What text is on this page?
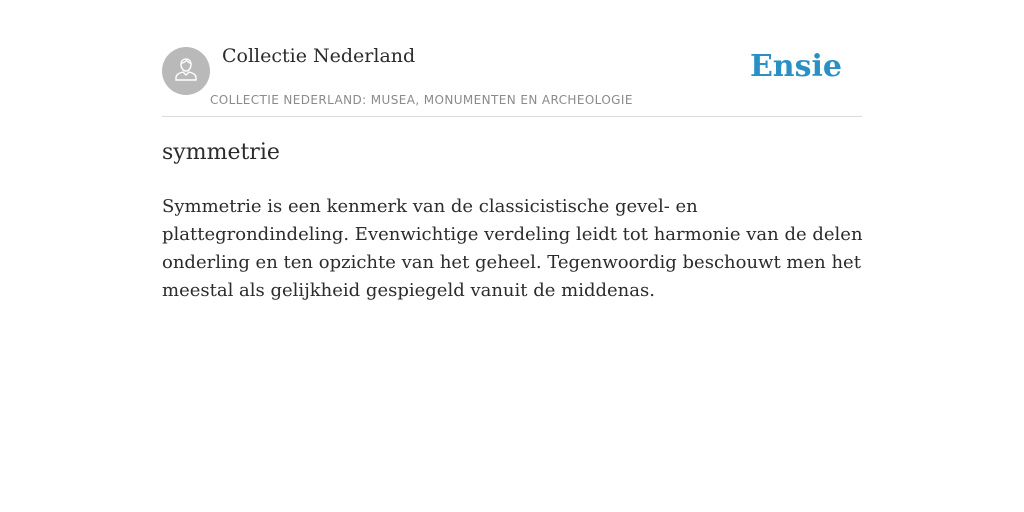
Collectie Nederland
COLLECTIE NEDERLAND: MUSEA, MONUMENTEN EN ARCHEOLOGIE
Ensie
symmetrie

Symmetrie is een kenmerk van de classicistische gevel- en plattegrondindeling. Evenwichtige verdeling leidt tot harmonie van de delen onderling en ten opzichte van het geheel. Tegenwoordig beschouwt men het meestal als gelijkheid gespiegeld vanuit de middenas.
